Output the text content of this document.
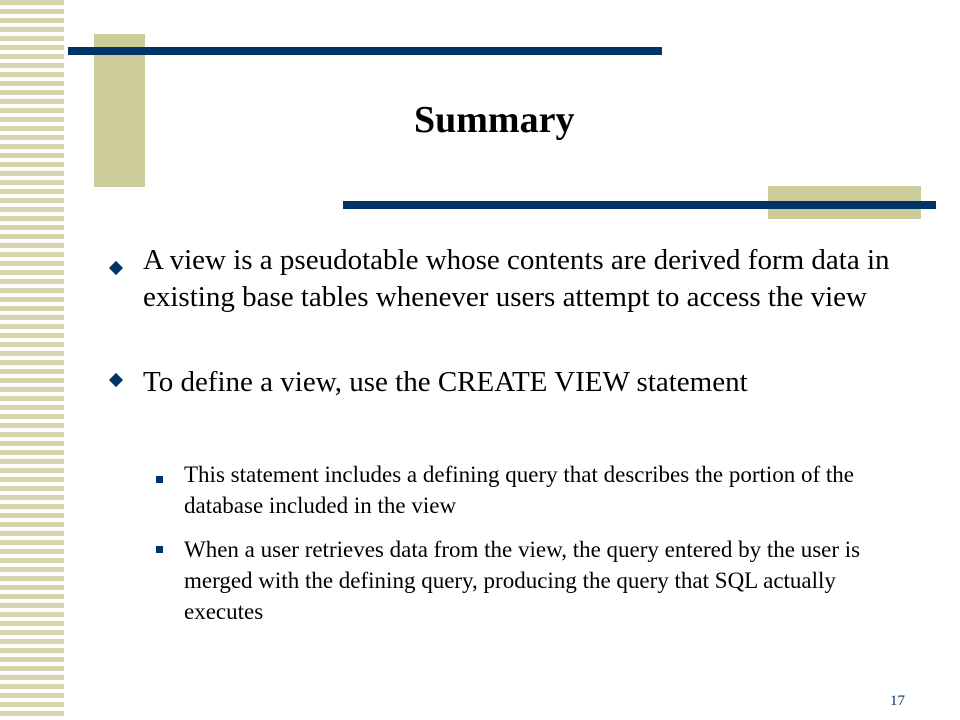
Summary
A view is a pseudotable whose contents are derived form data in existing base tables whenever users attempt to access the view
To define a view, use the CREATE VIEW statement
This statement includes a defining query that describes the portion of the database included in the view
When a user retrieves data from the view, the query entered by the user is merged with the defining query, producing the query that SQL actually executes
17
